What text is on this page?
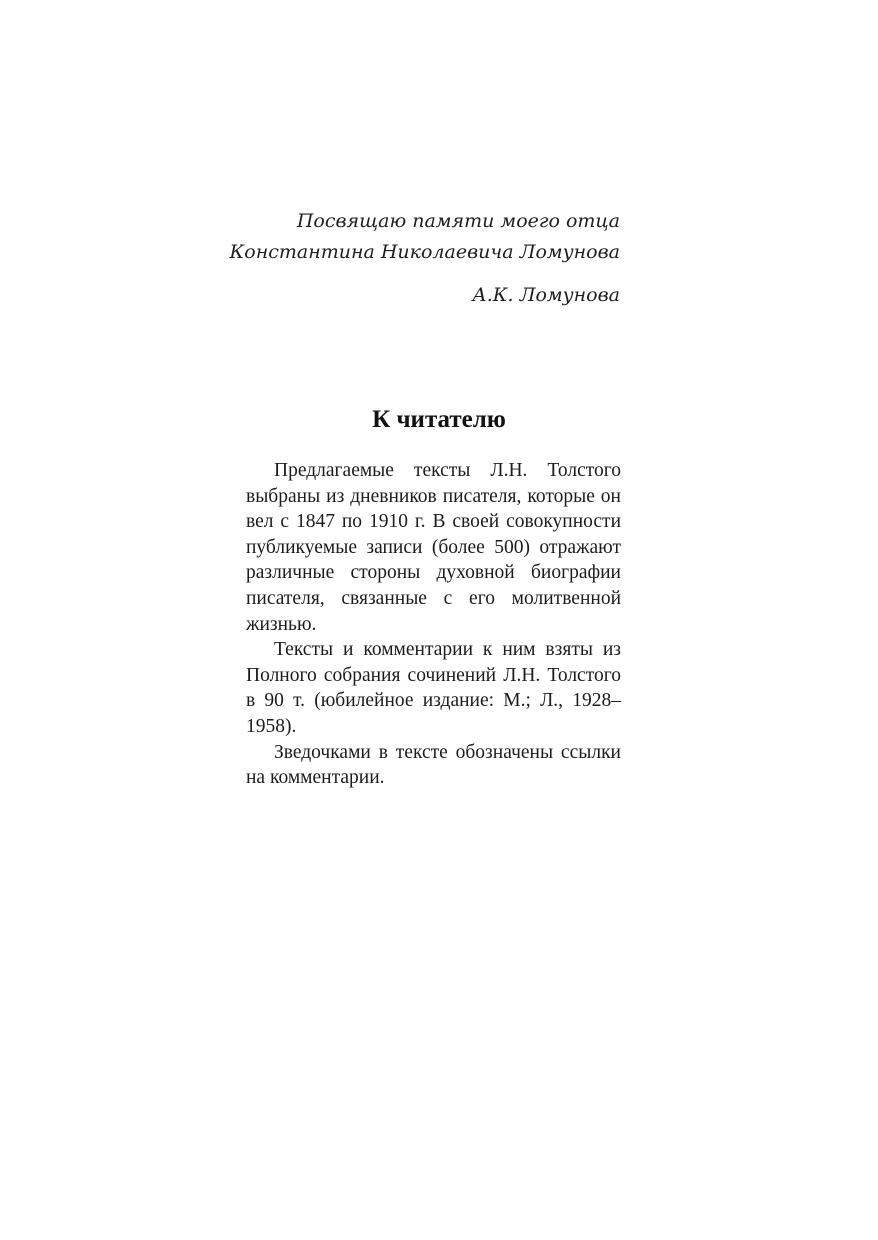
Посвящаю памяти моего отца
Константина Николаевича Ломунова
А.К. Ломунова
К читателю

Предлагаемые тексты Л.Н. Толстого выбраны из дневников писателя, которые он вел с 1847 по 1910 г. В своей совокупности публикуемые записи (более 500) отражают различные стороны духовной биографии писателя, связанные с его молитвенной жизнью.

Тексты и комментарии к ним взяты из Полного собрания сочинений Л.Н. Толстого в 90 т. (юбилейное издание: М.; Л., 1928–1958).

Зведочками в тексте обозначены ссылки на комментарии.
